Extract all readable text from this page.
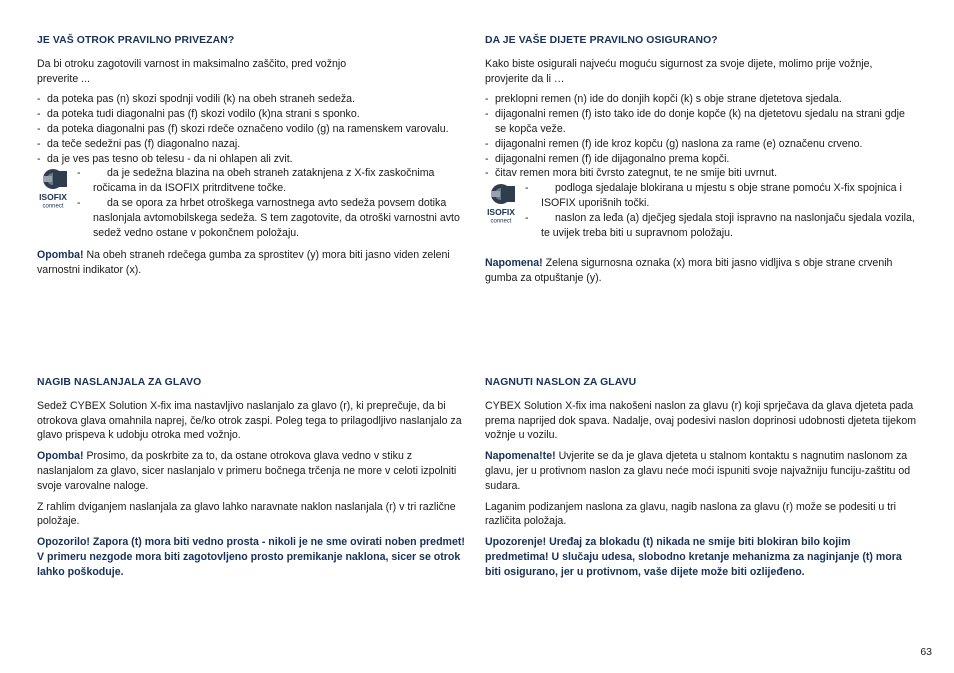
JE VAŠ OTROK PRAVILNO PRIVEZAN?

Da bi otroku zagotovili varnost in maksimalno zaščito, pred vožnjo
preverite ...

- da poteka pas (n) skozi spodnji vodili (k) na obeh straneh sedeža.
- da poteka tudi diagonalni pas (f) skozi vodilo (k)na strani s sponko.
- da poteka diagonalni pas (f) skozi rdeče označeno vodilo (g) na ramenskem varovalu.
- da teče sedežni pas (f) diagonalno nazaj.
- da je ves pas tesno ob telesu - da ni ohlapen ali zvit.
ISOFIX
connect
- da je sedežna blazina na obeh straneh zataknjena z X-fix zaskočnima ročicama in da ISOFIX pritrditvene točke.
- da se opora za hrbet otroškega varnostnega avto sedeža povsem dotika naslonjala avtomobilskega sedeža. S tem zagotovite, da otroški varnostni avto sedež vedno ostane v pokončnem položaju.

Opomba! Na obeh straneh rdečega gumba za sprostitev (y) mora biti jasno viden zeleni varnostni indikator (x).

DA JE VAŠE DIJETE PRAVILNO OSIGURANO?

Kako biste osigurali najveću moguću sigurnost za svoje dijete, molimo prije vožnje,
provjerite da li …

- preklopni remen (n) ide do donjih kopči (k) s obje strane djetetova sjedala.
- dijagonalni remen (f) isto tako ide do donje kopče (k) na djetetovu sjedalu na strani gdje se kopča veže.
- dijagonalni remen (f) ide kroz kopču (g) naslona za rame (e) označenu crveno.
- dijagonalni remen (f) ide dijagonalno prema kopči.
- čitav remen mora biti čvrsto zategnut, te ne smije biti uvrnut.
ISOFIX
connect
- podloga sjedalaje blokirana u mjestu s obje strane pomoću X-fix spojnica i ISOFIX uporišnih točki.
- naslon za leđa (a) dječjeg sjedala stoji ispravno na naslonjaču sjedala vozila, te uvijek treba biti u supravnom položaju.

Napomena! Zelena sigurnosna oznaka (x) mora biti jasno vidljiva s obje strane crvenih gumba za otpuštanje (y).

NAGIB NASLANJALA ZA GLAVO

Sedež CYBEX Solution X-fix ima nastavljivo naslanjalo za glavo (r), ki preprečuje, da bi otrokova glava omahnila naprej, če/ko otrok zaspi. Poleg tega to prilagodljivo naslanjalo za glavo prispeva k udobju otroka med vožnjo.

Opomba! Prosimo, da poskrbite za to, da ostane otrokova glava vedno v stiku z naslanjalom za glavo, sicer naslanjalo v primeru bočnega trčenja ne more v celoti izpolniti svoje varovalne naloge.

Z rahlim dviganjem naslanjala za glavo lahko naravnate naklon naslanjala (r) v tri različne položaje.

Opozorilo! Zapora (t) mora biti vedno prosta - nikoli je ne sme ovirati noben predmet! V primeru nezgode mora biti zagotovljeno prosto premikanje naklona, sicer se otrok lahko poškoduje.

NAGNUTI NASLON ZA GLAVU

CYBEX Solution X-fix ima nakošeni naslon za glavu (r) koji sprječava da glava djeteta pada prema naprijed dok spava. Nadalje, ovaj podesivi naslon doprinosi udobnosti djeteta tijekom vožnje u vozilu.

Napomena!te! Uvjerite se da je glava djeteta u stalnom kontaktu s nagnutim naslonom za glavu, jer u protivnom naslon za glavu neće moći ispuniti svoje najvažniju funciju-zaštitu od sudara.

Laganim podizanjem naslona za glavu, nagib naslona za glavu (r) može se podesiti u tri različita položaja.

Upozorenje! Uređaj za blokadu (t) nikada ne smije biti blokiran bilo kojim predmetima! U slučaju udesa, slobodno kretanje mehanizma za naginjanje (t) mora biti osigurano, jer u protivnom, vaše dijete može biti ozlijeđeno.

63
